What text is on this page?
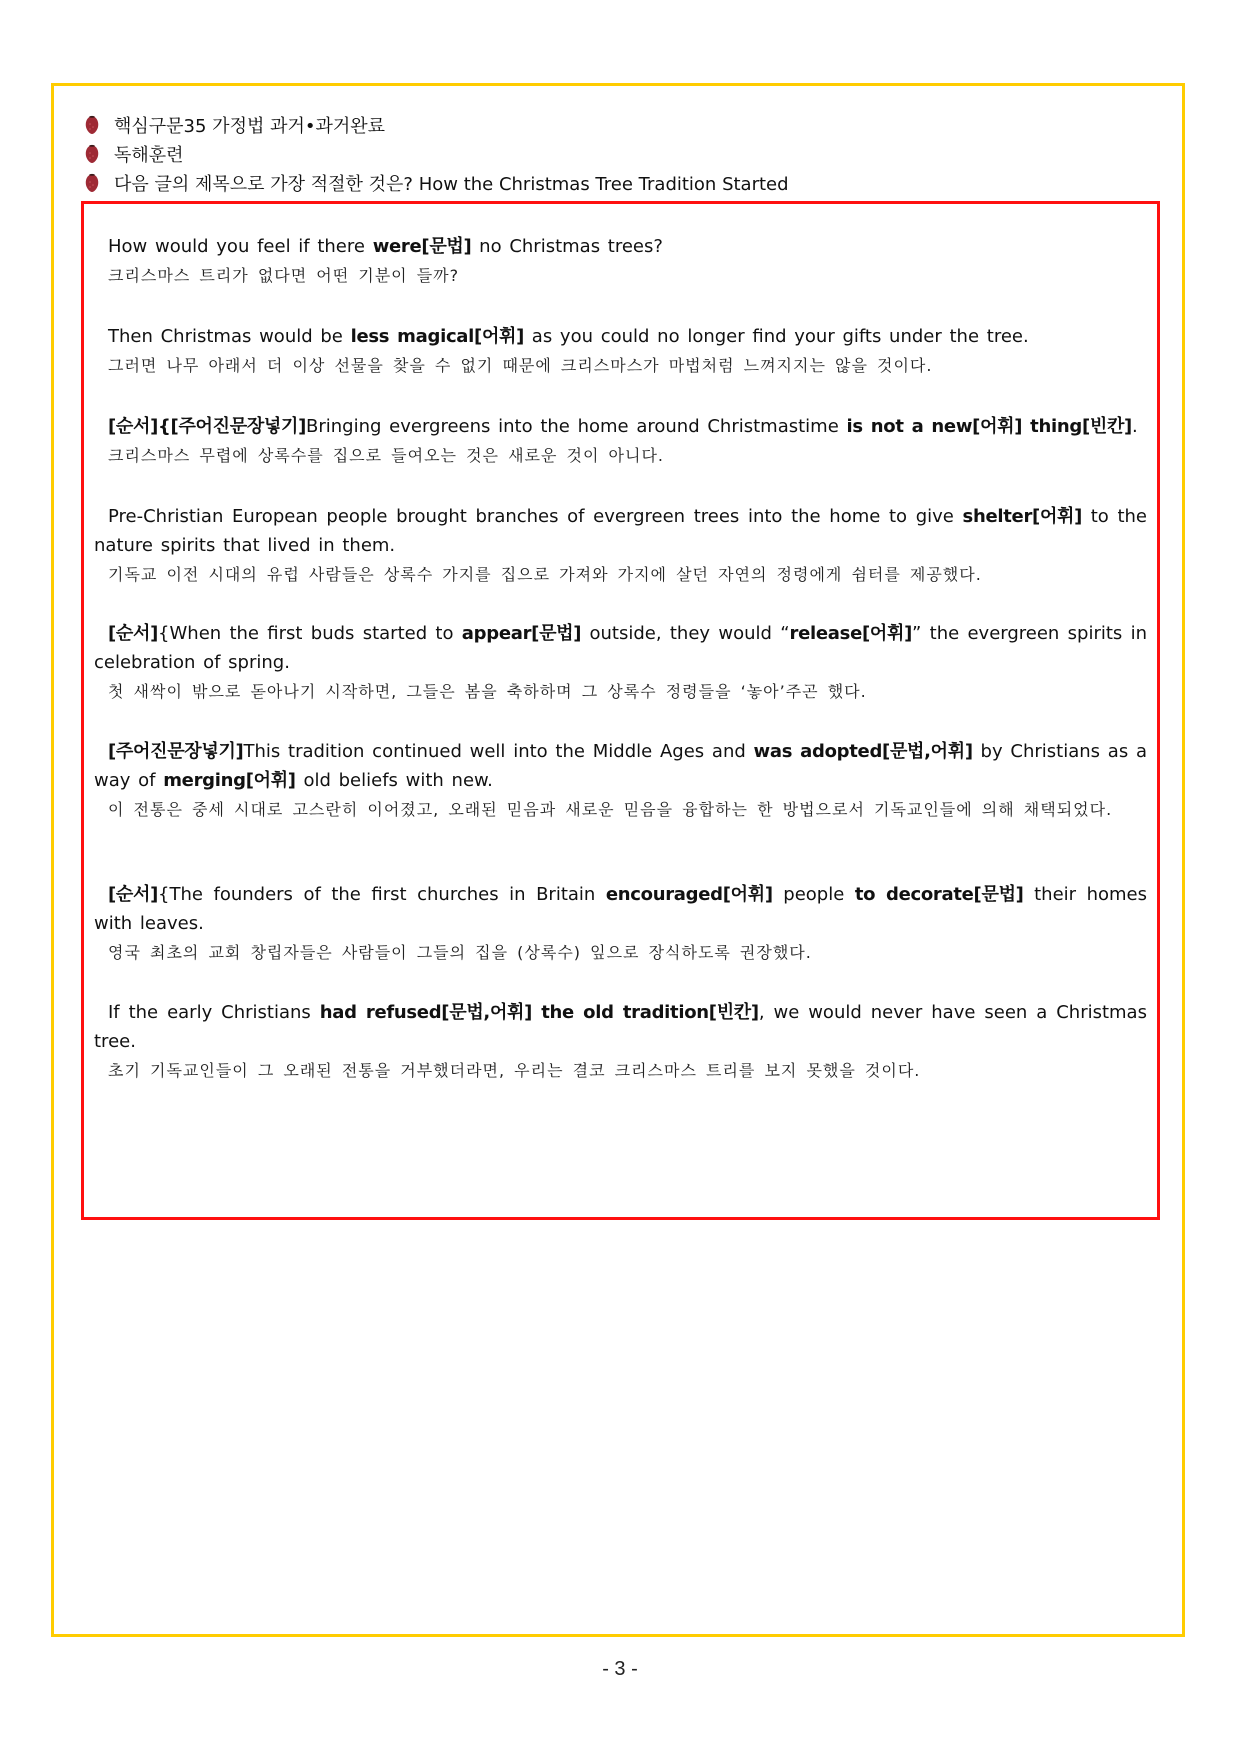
핵심구문35 가정법 과거•과거완료
독해훈련
다음 글의 제목으로 가장 적절한 것은? How the Christmas Tree Tradition Started
How would you feel if there were[문법] no Christmas trees?
크리스마스 트리가 없다면 어떤 기분이 들까?
Then Christmas would be less magical[어휘] as you could no longer find your gifts under the tree.
그러면 나무 아래서 더 이상 선물을 찾을 수 없기 때문에 크리스마스가 마법처럼 느껴지지는 않을 것이다.
[순서]{[주어진문장넣기]Bringing evergreens into the home around Christmastime is not a new[어휘] thing[빈칸].
크리스마스 무렵에 상록수를 집으로 들여오는 것은 새로운 것이 아니다.
Pre-Christian European people brought branches of evergreen trees into the home to give shelter[어휘] to the nature spirits that lived in them.
기독교 이전 시대의 유럽 사람들은 상록수 가지를 집으로 가져와 가지에 살던 자연의 정령에게 쉼터를 제공했다.
[순서]{When the first buds started to appear[문법] outside, they would “release[어휘]” the evergreen spirits in celebration of spring.
첫 새싹이 밖으로 돋아나기 시작하면, 그들은 봄을 축하하며 그 상록수 정령들을 ‘놓아’주곤 했다.
[주어진문장넣기]This tradition continued well into the Middle Ages and was adopted[문법,어휘] by Christians as a way of merging[어휘] old beliefs with new.
이 전통은 중세 시대로 고스란히 이어졌고, 오래된 믿음과 새로운 믿음을 융합하는 한 방법으로서 기독교인들에 의해 채택되었다.
[순서]{The founders of the first churches in Britain encouraged[어휘] people to decorate[문법] their homes with leaves.
영국 최초의 교회 창립자들은 사람들이 그들의 집을 (상록수) 잎으로 장식하도록 권장했다.
If the early Christians had refused[문법,어휘] the old tradition[빈칸], we would never have seen a Christmas tree.
초기 기독교인들이 그 오래된 전통을 거부했더라면, 우리는 결코 크리스마스 트리를 보지 못했을 것이다.
- 3 -
